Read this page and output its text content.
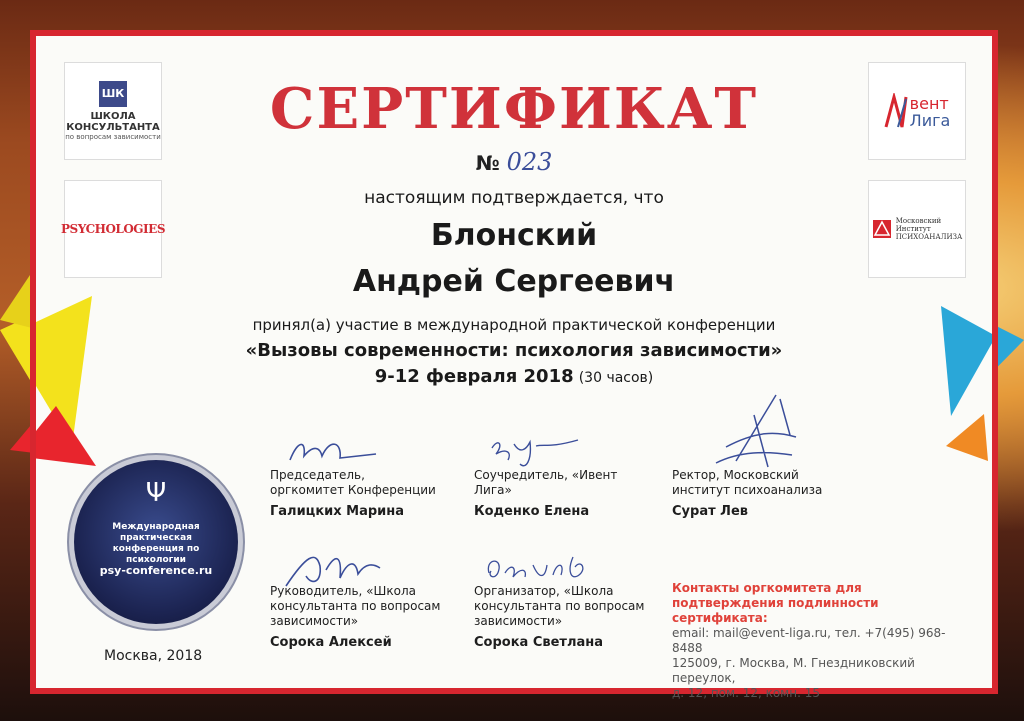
ШК
ШКОЛА КОНСУЛЬТАНТА
по вопросам зависимости
PSYCHOLOGIES
вент
Лига
Московский
Институт
ПСИХОАНАЛИЗА
СЕРТИФИКАТ
№ 023
настоящим подтверждается, что
Блонский
Андрей Сергеевич
принял(а) участие в международной практической конференции
«Вызовы современности: психология зависимости»
9-12 февраля 2018 (30 часов)
Ψ
Международная практическая конференция по психологии
psy-conference.ru
Москва, 2018
Председатель, оргкомитет Конференции
Галицких Марина
Соучредитель, «Ивент Лига»
Коденко Елена
Ректор, Московский институт психоанализа
Сурат Лев
Руководитель, «Школа консультанта по вопросам зависимости»
Сорока Алексей
Организатор, «Школа консультанта по вопросам зависимости»
Сорока Светлана
Контакты оргкомитета для подтверждения подлинности сертификата:
email: mail@event-liga.ru, тел. +7(495) 968-8488
125009, г. Москва, М. Гнездниковский переулок,
д. 12, пом. 12, комн. 15
